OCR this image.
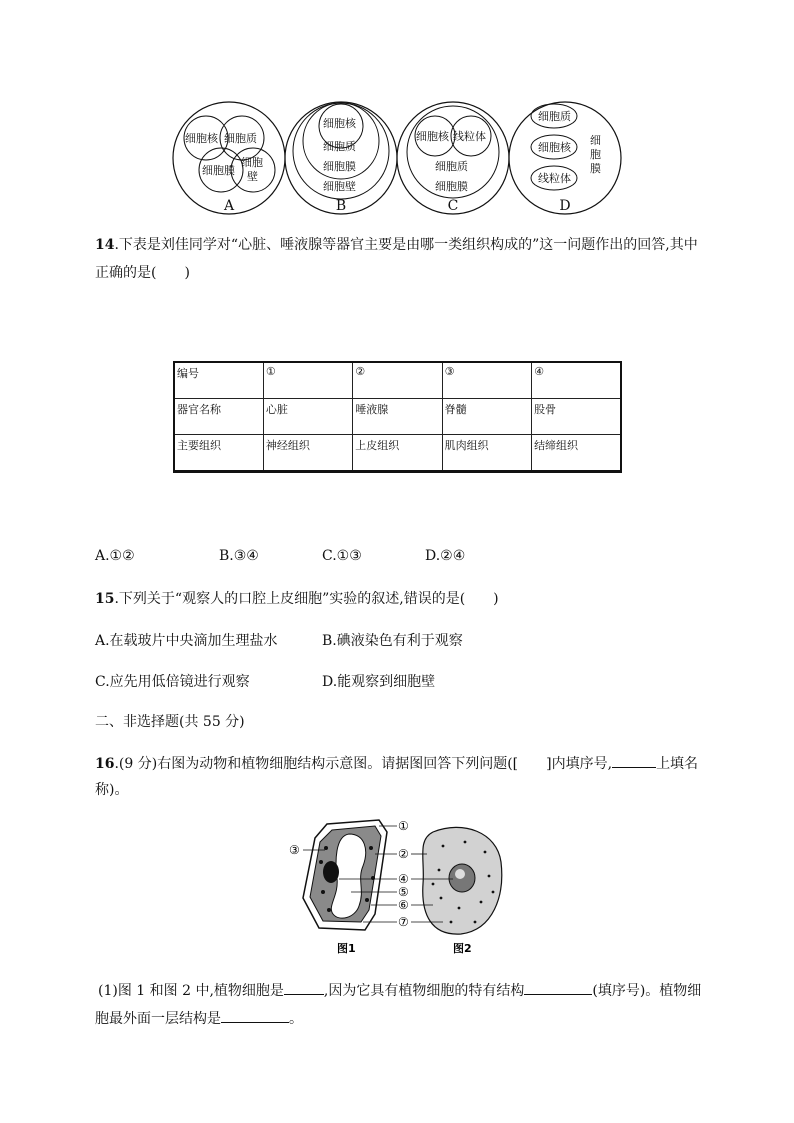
细胞核 细胞质
细胞膜
细胞
壁
A
细胞核
细胞质
细胞膜
细胞壁
B
细胞核 线粒体
细胞质
细胞膜
C
细胞质
细胞核
线粒体
细
胞
膜
D
14.下表是刘佳同学对“心脏、唾液腺等器官主要是由哪一类组织构成的”这一问题作出的回答,其中
正确的是(　　)
编号	①	②	③	④
器官名称	心脏	唾液腺	脊髓	股骨
主要组织	神经组织	上皮组织	肌肉组织	结缔组织
A.①②	B.③④	C.①③	D.②④
15.下列关于“观察人的口腔上皮细胞”实验的叙述,错误的是(　　)
A.在载玻片中央滴加生理盐水	B.碘液染色有利于观察
C.应先用低倍镜进行观察	D.能观察到细胞壁
二、非选择题(共 55 分)
16.(9 分)右图为动物和植物细胞结构示意图。请据图回答下列问题([ ]内填序号,	上填名
称)。
①
②
③
④
⑤
⑥
⑦
图1	图2
(1)图 1 和图 2 中,植物细胞是	,因为它具有植物细胞的特有结构	(填序号)。植物细
胞最外面一层结构是	。
